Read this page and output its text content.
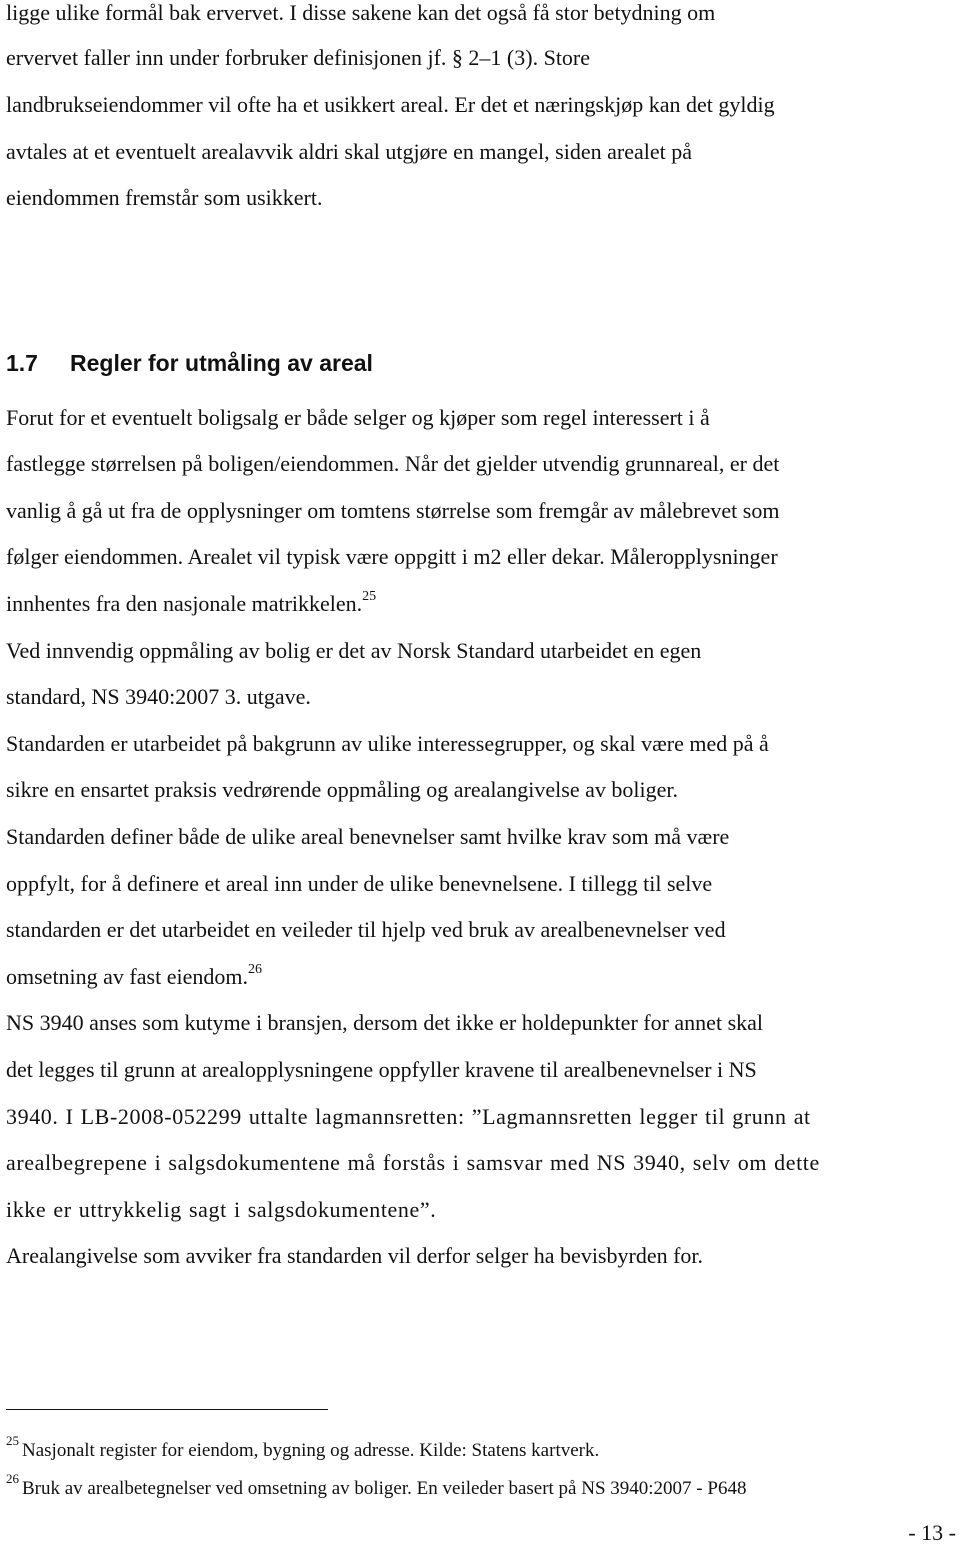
ligge ulike formål bak ervervet. I disse sakene kan det også få stor betydning om
ervervet faller inn under forbruker definisjonen jf. § 2–1 (3). Store
landbrukseiendommer vil ofte ha et usikkert areal. Er det et næringskjøp kan det gyldig
avtales at et eventuelt arealavvik aldri skal utgjøre en mangel, siden arealet på
eiendommen fremstår som usikkert.
1.7 Regler for utmåling av areal
Forut for et eventuelt boligsalg er både selger og kjøper som regel interessert i å
fastlegge størrelsen på boligen/eiendommen. Når det gjelder utvendig grunnareal, er det
vanlig å gå ut fra de opplysninger om tomtens størrelse som fremgår av målebrevet som
følger eiendommen. Arealet vil typisk være oppgitt i m2 eller dekar. Måleropplysninger
innhentes fra den nasjonale matrikkelen.$^{25}$
Ved innvendig oppmåling av bolig er det av Norsk Standard utarbeidet en egen
standard, NS 3940:2007 3. utgave.
Standarden er utarbeidet på bakgrunn av ulike interessegrupper, og skal være med på å
sikre en ensartet praksis vedrørende oppmåling og arealangivelse av boliger.
Standarden definer både de ulike areal benevnelser samt hvilke krav som må være
oppfylt, for å definere et areal inn under de ulike benevnelsene. I tillegg til selve
standarden er det utarbeidet en veileder til hjelp ved bruk av arealbenevnelser ved
omsetning av fast eiendom.$^{26}$
NS 3940 anses som kutyme i bransjen, dersom det ikke er holdepunkter for annet skal
det legges til grunn at arealopplysningene oppfyller kravene til arealbenevnelser i NS
3940. I LB-2008-052299 uttalte lagmannsretten: ”Lagmannsretten legger til grunn at
arealbegrepene i salgsdokumentene må forstås i samsvar med NS 3940, selv om dette
ikke er uttrykkelig sagt i salgsdokumentene”.
Arealangivelse som avviker fra standarden vil derfor selger ha bevisbyrden for.
$^{25}$ Nasjonalt register for eiendom, bygning og adresse. Kilde: Statens kartverk.
$^{26}$ Bruk av arealbetegnelser ved omsetning av boliger. En veileder basert på NS 3940:2007 - P648
- 13 -
